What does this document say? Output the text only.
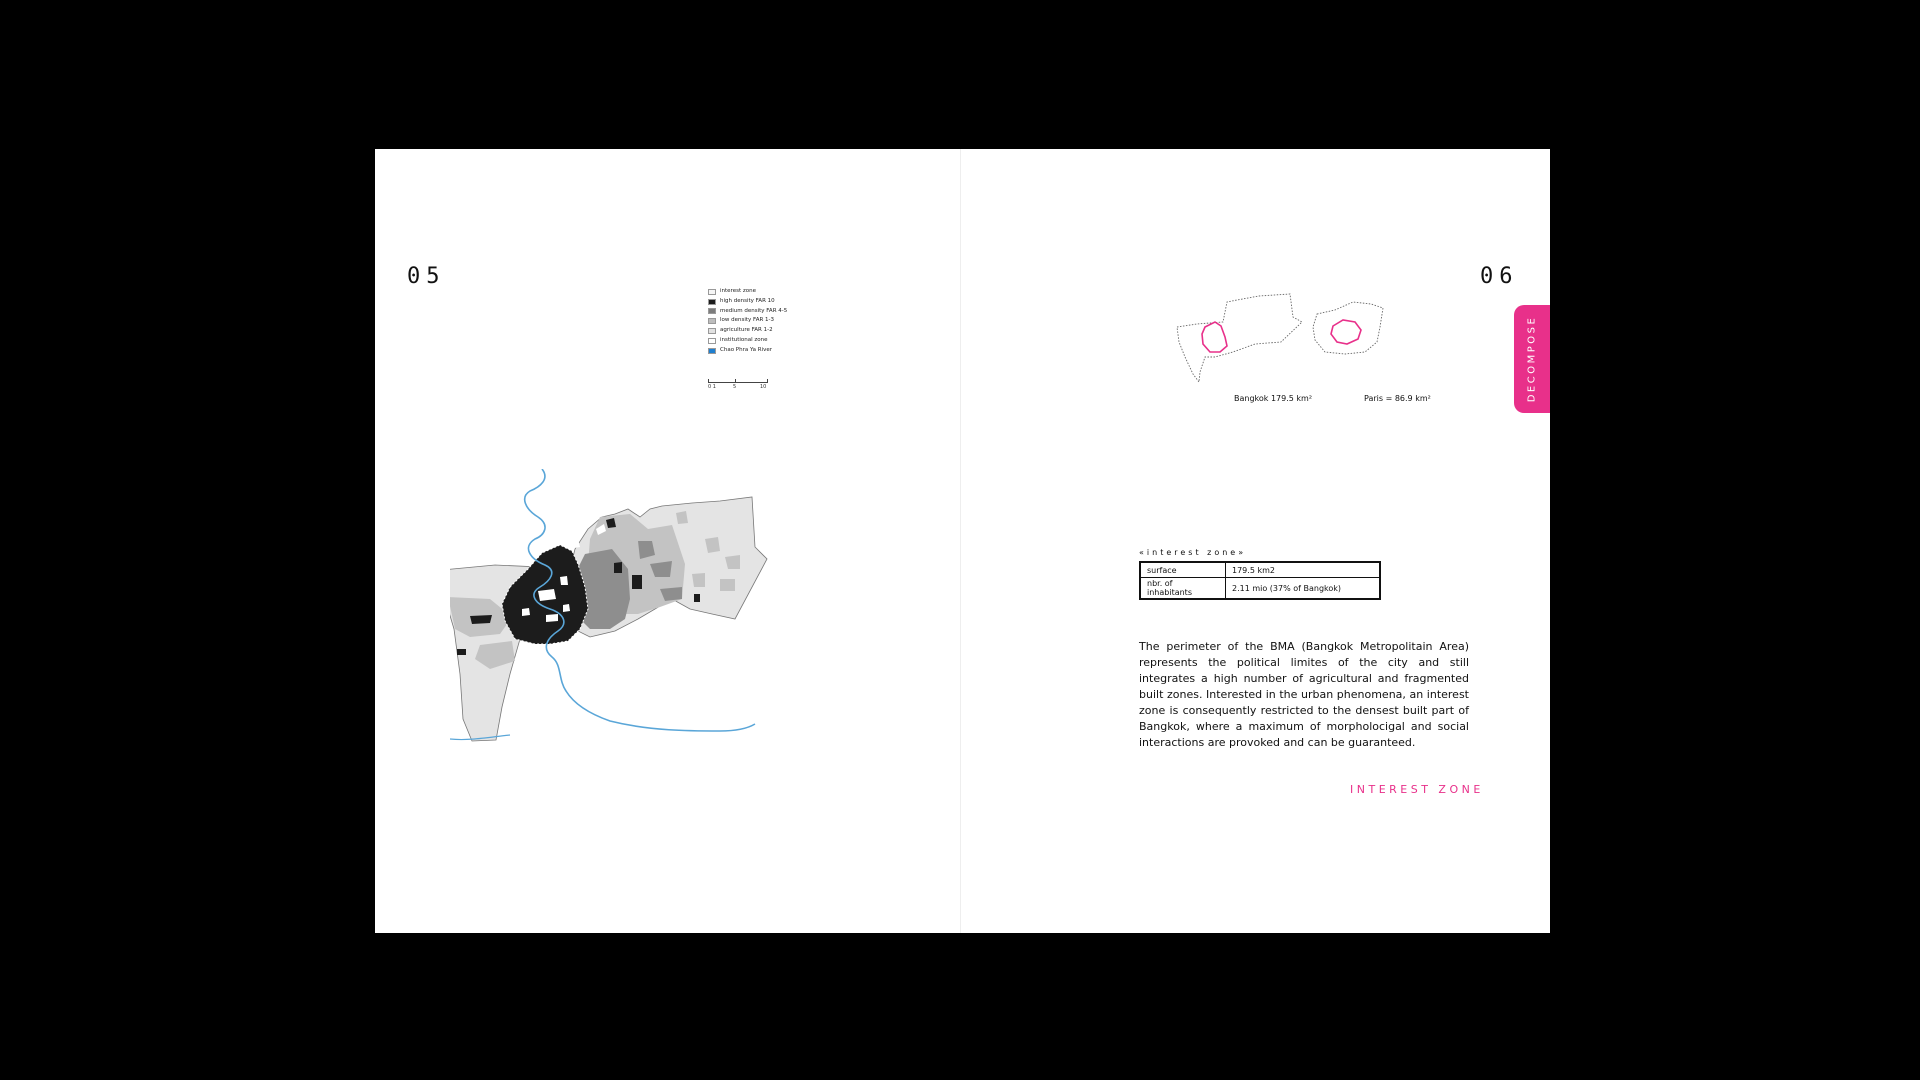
05
interest zone
high density FAR 10
medium density FAR 4-5
low density FAR 1-3
agriculture FAR 1-2
institutional zone
Chao Phra Ya River
0 1	5	10
06
DECOMPOSE
Bangkok 179.5 km²	Paris = 86.9 km²
«interest zone»
surface	179.5 km2
nbr. of inhabitants	2.11 mio (37% of Bangkok)
The perimeter of the BMA (Bangkok Metropolitain Area) represents the political limites of the city and still integrates a high number of agricultural and fragmented built zones. Interested in the urban phenomena, an interest zone is consequently restricted to the densest built part of Bangkok, where a maximum of morpholocigal and social interactions are provoked and can be guaranteed.
INTEREST ZONE
